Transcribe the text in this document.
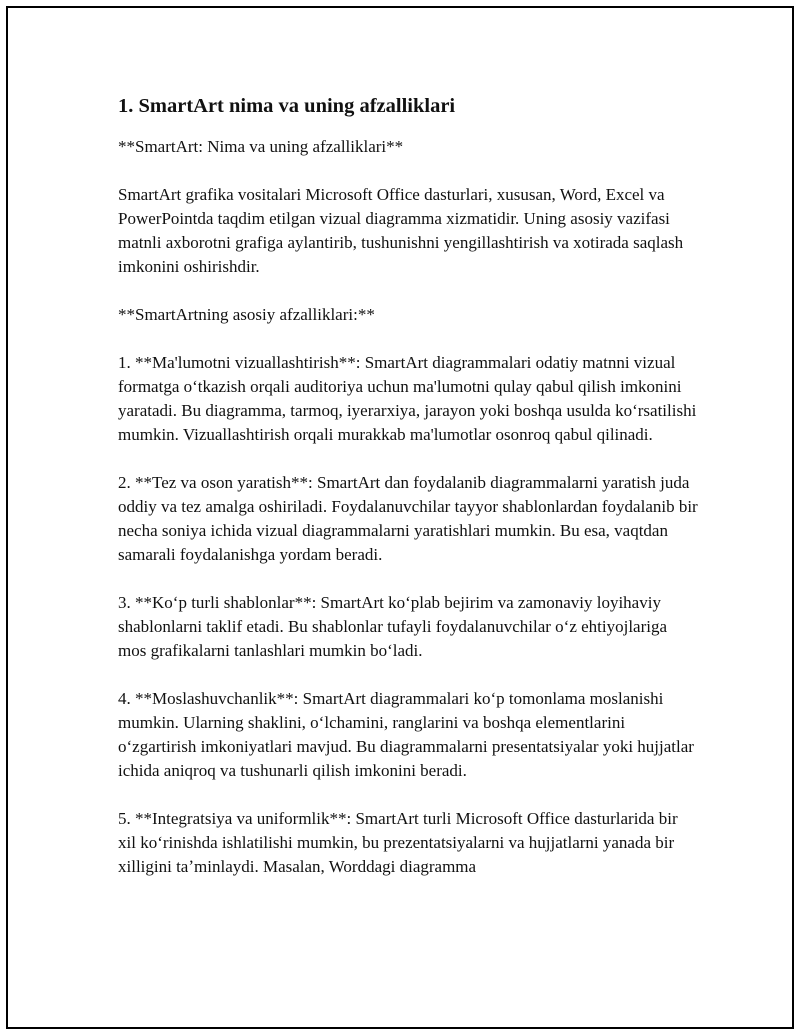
1. SmartArt nima va uning afzalliklari

**SmartArt: Nima va uning afzalliklari**

SmartArt grafika vositalari Microsoft Office dasturlari, xususan, Word, Excel va PowerPointda taqdim etilgan vizual diagramma xizmatidir. Uning asosiy vazifasi matnli axborotni grafiga aylantirib, tushunishni yengillashtirish va xotirada saqlash imkonini oshirishdir.

**SmartArtning asosiy afzalliklari:**

1. **Ma'lumotni vizuallashtirish**: SmartArt diagrammalari odatiy matnni vizual formatga oʻtkazish orqali auditoriya uchun ma'lumotni qulay qabul qilish imkonini yaratadi. Bu diagramma, tarmoq, iyerarxiya, jarayon yoki boshqa usulda koʻrsatilishi mumkin. Vizuallashtirish orqali murakkab ma'lumotlar osonroq qabul qilinadi.

2. **Tez va oson yaratish**: SmartArt dan foydalanib diagrammalarni yaratish juda oddiy va tez amalga oshiriladi. Foydalanuvchilar tayyor shablonlardan foydalanib bir necha soniya ichida vizual diagrammalarni yaratishlari mumkin. Bu esa, vaqtdan samarali foydalanishga yordam beradi.

3. **Koʻp turli shablonlar**: SmartArt koʻplab bejirim va zamonaviy loyihaviy shablonlarni taklif etadi. Bu shablonlar tufayli foydalanuvchilar oʻz ehtiyojlariga mos grafikalarni tanlashlari mumkin boʻladi.

4. **Moslashuvchanlik**: SmartArt diagrammalari koʻp tomonlama moslanishi mumkin. Ularning shaklini, oʻlchamini, ranglarini va boshqa elementlarini oʻzgartirish imkoniyatlari mavjud. Bu diagrammalarni presentatsiyalar yoki hujjatlar ichida aniqroq va tushunarli qilish imkonini beradi.

5. **Integratsiya va uniformlik**: SmartArt turli Microsoft Office dasturlarida bir xil koʻrinishda ishlatilishi mumkin, bu prezentatsiyalarni va hujjatlarni yanada bir xilligini taʼminlaydi. Masalan, Worddagi diagramma
